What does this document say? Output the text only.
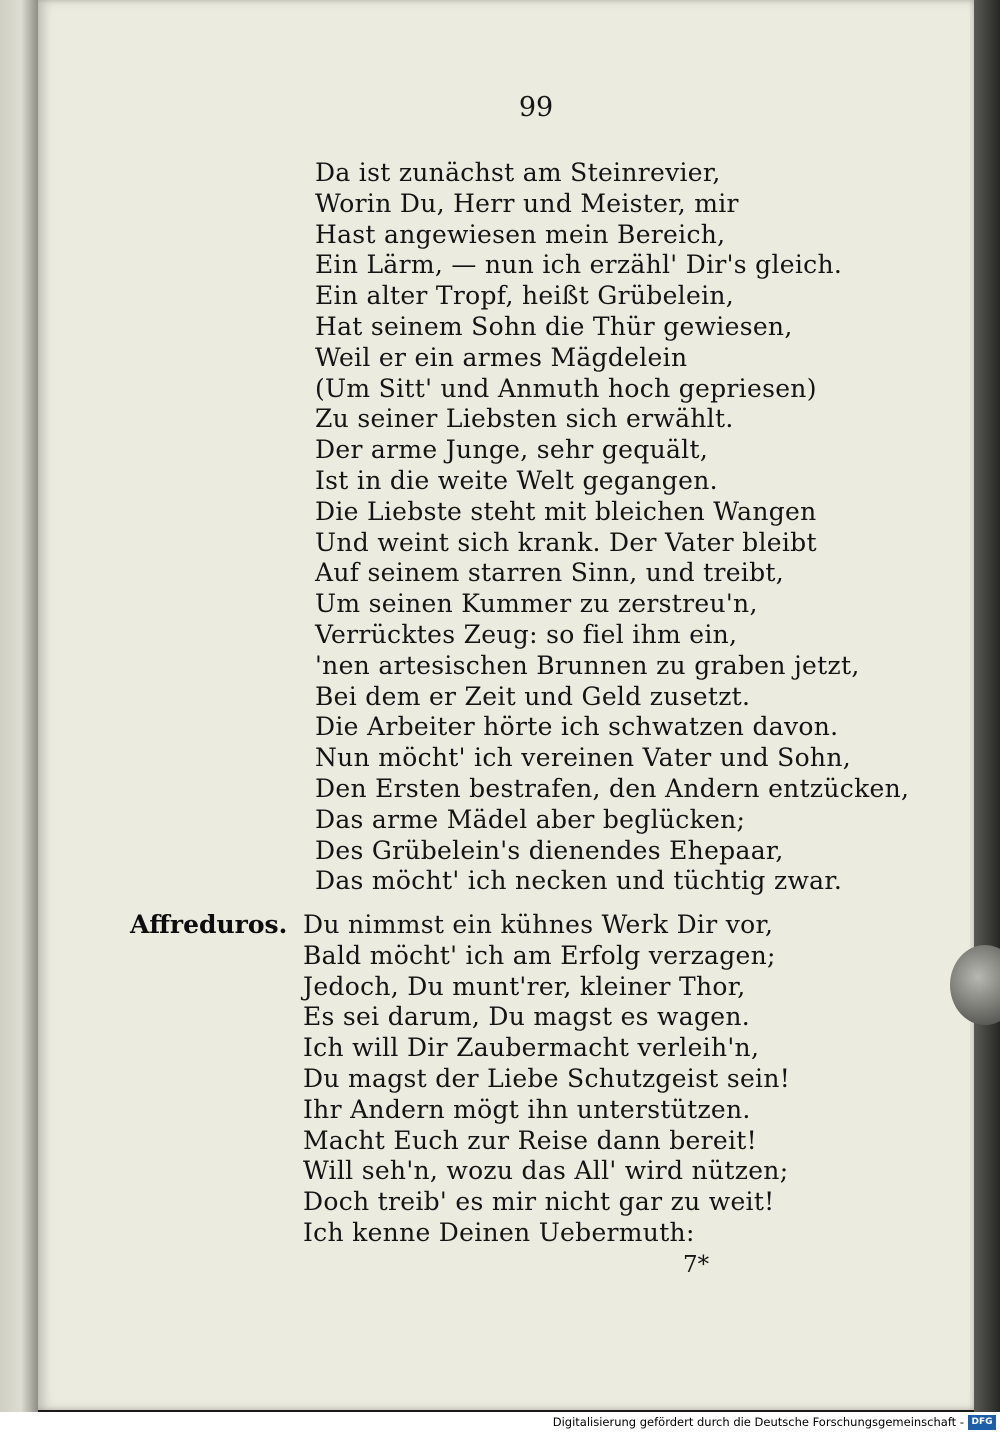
99
Da ist zunächst am Steinrevier,
Worin Du, Herr und Meister, mir
Hast angewiesen mein Bereich,
Ein Lärm, — nun ich erzähl' Dir's gleich.
Ein alter Tropf, heißt Grübelein,
Hat seinem Sohn die Thür gewiesen,
Weil er ein armes Mägdelein
(Um Sitt' und Anmuth hoch gepriesen)
Zu seiner Liebsten sich erwählt.
Der arme Junge, sehr gequält,
Ist in die weite Welt gegangen.
Die Liebste steht mit bleichen Wangen
Und weint sich krank. Der Vater bleibt
Auf seinem starren Sinn, und treibt,
Um seinen Kummer zu zerstreu'n,
Verrücktes Zeug: so fiel ihm ein,
'nen artesischen Brunnen zu graben jetzt,
Bei dem er Zeit und Geld zusetzt.
Die Arbeiter hörte ich schwatzen davon.
Nun möcht' ich vereinen Vater und Sohn,
Den Ersten bestrafen, den Andern entzücken,
Das arme Mädel aber beglücken;
Des Grübelein's dienendes Ehepaar,
Das möcht' ich necken und tüchtig zwar.
Affreduros. Du nimmst ein kühnes Werk Dir vor,
Bald möcht' ich am Erfolg verzagen;
Jedoch, Du munt'rer, kleiner Thor,
Es sei darum, Du magst es wagen.
Ich will Dir Zaubermacht verleih'n,
Du magst der Liebe Schutzgeist sein!
Ihr Andern mögt ihn unterstützen.
Macht Euch zur Reise dann bereit!
Will seh'n, wozu das All' wird nützen;
Doch treib' es mir nicht gar zu weit!
Ich kenne Deinen Uebermuth:
7*
Digitalisierung gefördert durch die Deutsche Forschungsgemeinschaft - DFG
